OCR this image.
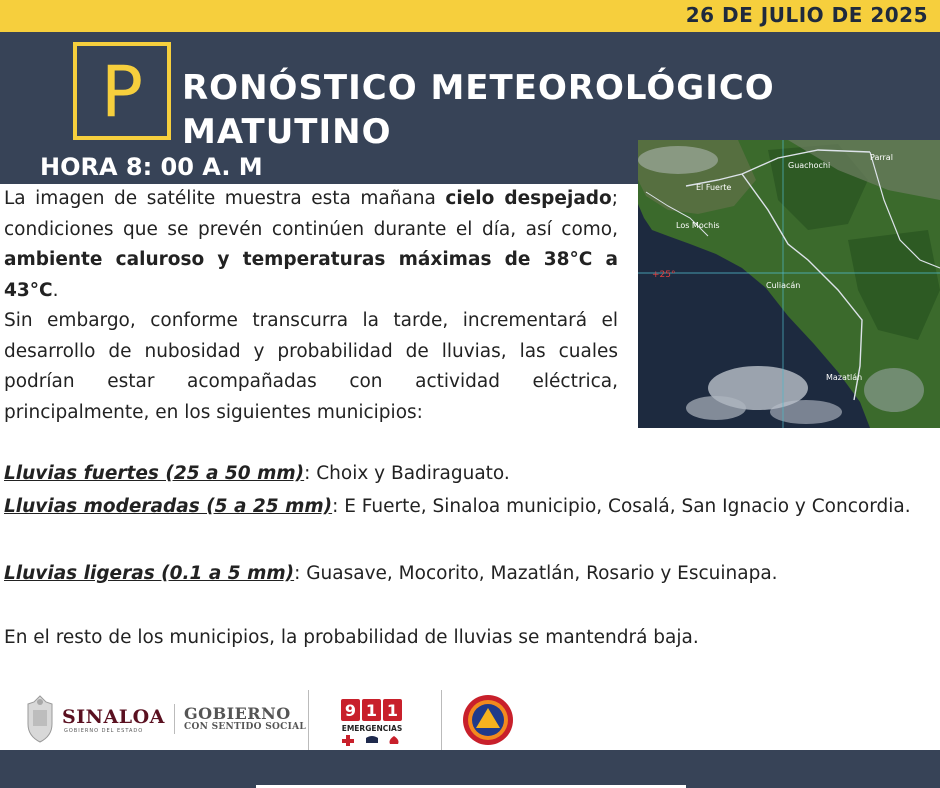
26 DE JULIO DE 2025
P	RONÓSTICO METEOROLÓGICO
MATUTINO
HORA 8: 00 A. M	Guachochi
Parral
El Fuerte
Los Mochis
+25°
Culiacán
Mazatlán

La imagen de satélite muestra esta mañana cielo despejado; condiciones que se prevén continúen durante el día, así como, ambiente caluroso y temperaturas máximas de 38°C a 43°C.

Sin embargo, conforme transcurra la tarde, incrementará el desarrollo de nubosidad y probabilidad de lluvias, las cuales podrían estar acompañadas con actividad eléctrica, principalmente, en los siguientes municipios:

Lluvias fuertes (25 a 50 mm): Choix y Badiraguato.

Lluvias moderadas (5 a 25 mm): E Fuerte, Sinaloa municipio, Cosalá, San Ignacio y Concordia.

Lluvias ligeras (0.1 a 5 mm): Guasave, Mocorito, Mazatlán, Rosario y Escuinapa.

En el resto de los municipios, la probabilidad de lluvias se mantendrá baja.

SINALOA
GOBIERNO DEL ESTADO
GOBIERNO
CON SENTIDO SOCIAL
9 1 1
EMERGENCIAS
